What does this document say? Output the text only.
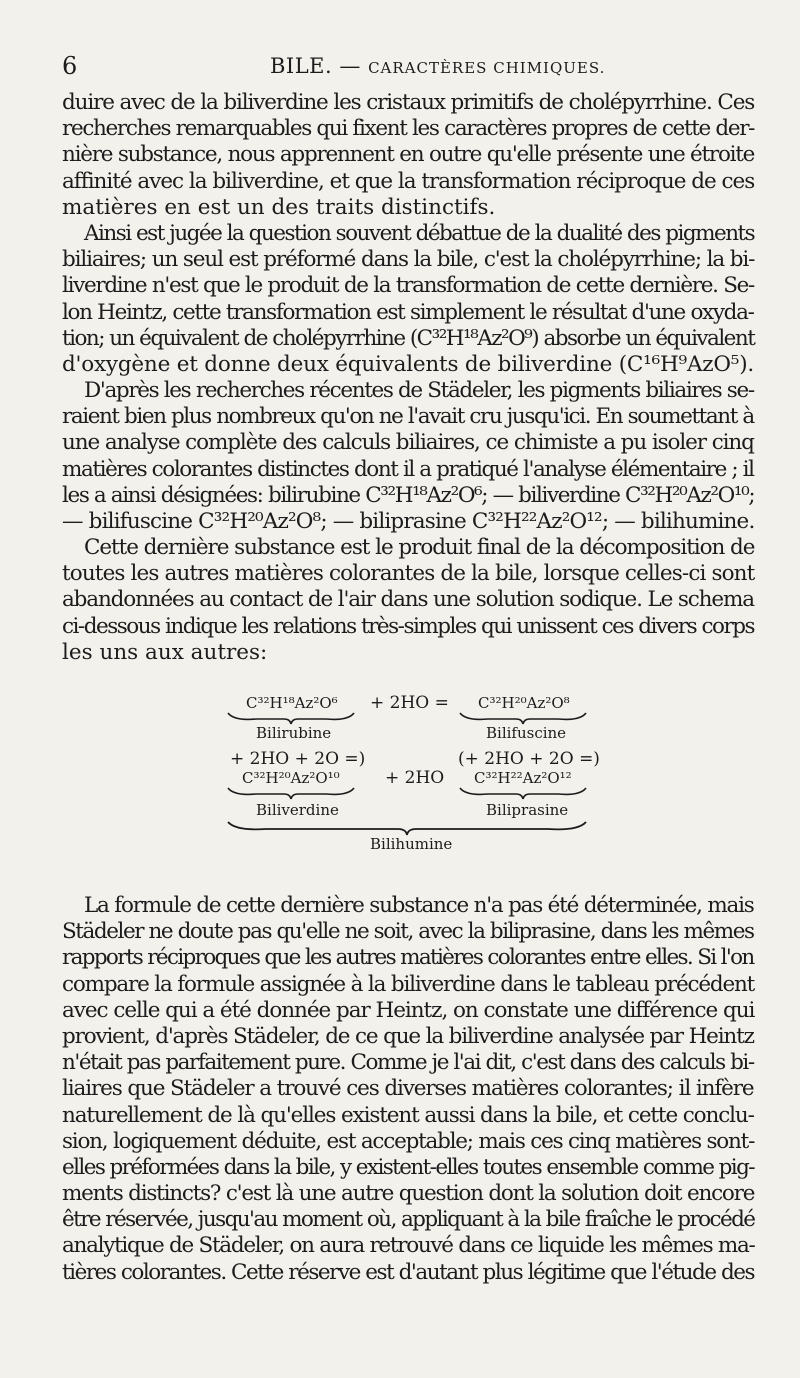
6	BILE. — CARACTÈRES CHIMIQUES.
duire avec de la biliverdine les cristaux primitifs de cholépyrrhine. Ces
recherches remarquables qui fixent les caractères propres de cette der-
nière substance, nous apprennent en outre qu'elle présente une étroite
affinité avec la biliverdine, et que la transformation réciproque de ces
matières en est un des traits distinctifs.
Ainsi est jugée la question souvent débattue de la dualité des pigments
biliaires; un seul est préformé dans la bile, c'est la cholépyrrhine; la bi-
liverdine n'est que le produit de la transformation de cette dernière. Se-
lon Heintz, cette transformation est simplement le résultat d'une oxyda-
tion; un équivalent de cholépyrrhine (C³²H¹⁸Az²O⁹) absorbe un équivalent
d'oxygène et donne deux équivalents de biliverdine (C¹⁶H⁹AzO⁵).
D'après les recherches récentes de Städeler, les pigments biliaires se-
raient bien plus nombreux qu'on ne l'avait cru jusqu'ici. En soumettant à
une analyse complète des calculs biliaires, ce chimiste a pu isoler cinq
matières colorantes distinctes dont il a pratiqué l'analyse élémentaire ; il
les a ainsi désignées: bilirubine C³²H¹⁸Az²O⁶; — biliverdine C³²H²⁰Az²O¹⁰;
— bilifuscine C³²H²⁰Az²O⁸; — biliprasine C³²H²²Az²O¹²; — bilihumine.
Cette dernière substance est le produit final de la décomposition de
toutes les autres matières colorantes de la bile, lorsque celles-ci sont
abandonnées au contact de l'air dans une solution sodique. Le schema
ci-dessous indique les relations très-simples qui unissent ces divers corps
les uns aux autres:
C³²H¹⁸Az²O⁶ + 2HO = C³²H²⁰Az²O⁸
Bilirubine	Bilifuscine
+ 2HO + 2O =)	(+ 2HO + 2O =)
C³²H²⁰Az²O¹⁰	+ 2HO C³²H²²Az²O¹²
Biliverdine	Biliprasine
Bilihumine
La formule de cette dernière substance n'a pas été déterminée, mais
Städeler ne doute pas qu'elle ne soit, avec la biliprasine, dans les mêmes
rapports réciproques que les autres matières colorantes entre elles. Si l'on
compare la formule assignée à la biliverdine dans le tableau précédent
avec celle qui a été donnée par Heintz, on constate une différence qui
provient, d'après Städeler, de ce que la biliverdine analysée par Heintz
n'était pas parfaitement pure. Comme je l'ai dit, c'est dans des calculs bi-
liaires que Städeler a trouvé ces diverses matières colorantes; il infère
naturellement de là qu'elles existent aussi dans la bile, et cette conclu-
sion, logiquement déduite, est acceptable; mais ces cinq matières sont-
elles préformées dans la bile, y existent-elles toutes ensemble comme pig-
ments distincts? c'est là une autre question dont la solution doit encore
être réservée, jusqu'au moment où, appliquant à la bile fraîche le procédé
analytique de Städeler, on aura retrouvé dans ce liquide les mêmes ma-
tières colorantes. Cette réserve est d'autant plus légitime que l'étude des
